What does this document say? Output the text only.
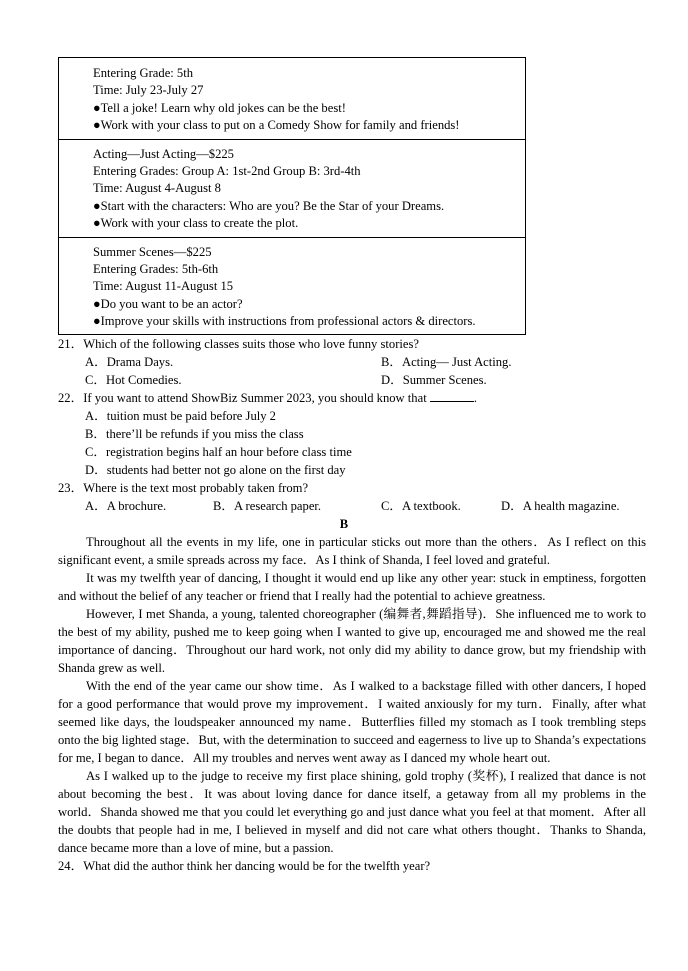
Entering Grade: 5th
Time: July 23-July 27
●Tell a joke! Learn why old jokes can be the best!
●Work with your class to put on a Comedy Show for family and friends!
Acting—Just Acting—$225
Entering Grades: Group A: 1st-2nd Group B: 3rd-4th
Time: August 4-August 8
●Start with the characters: Who are you? Be the Star of your Dreams.
●Work with your class to create the plot.
Summer Scenes—$225
Entering Grades: 5th-6th
Time: August 11-August 15
●Do you want to be an actor?
●Improve your skills with instructions from professional actors & directors.
21．Which of the following classes suits those who love funny stories?
A．Drama Days.	B．Acting— Just Acting.
C．Hot Comedies.	D．Summer Scenes.
22．If you want to attend ShowBiz Summer 2023, you should know that	.
A．tuition must be paid before July 2
B．there’ll be refunds if you miss the class
C．registration begins half an hour before class time
D．students had better not go alone on the first day
23．Where is the text most probably taken from?
A．A brochure.	B．A research paper.	C．A textbook.	D．A health magazine.
B
Throughout all the events in my life, one in particular sticks out more than the others．As I reflect on this significant event, a smile spreads across my face．As I think of Shanda, I feel loved and grateful.
It was my twelfth year of dancing, I thought it would end up like any other year: stuck in emptiness, forgotten and without the belief of any teacher or friend that I really had the potential to achieve greatness.
However, I met Shanda, a young, talented choreographer (编舞者,舞蹈指导)．She influenced me to work to the best of my ability, pushed me to keep going when I wanted to give up, encouraged me and showed me the real importance of dancing．Throughout our hard work, not only did my ability to dance grow, but my friendship with Shanda grew as well.
With the end of the year came our show time．As I walked to a backstage filled with other dancers, I hoped for a good performance that would prove my improvement．I waited anxiously for my turn．Finally, after what seemed like days, the loudspeaker announced my name．Butterflies filled my stomach as I took trembling steps onto the big lighted stage．But, with the determination to succeed and eagerness to live up to Shanda’s expectations for me, I began to dance．All my troubles and nerves went away as I danced my whole heart out.
As I walked up to the judge to receive my first place shining, gold trophy (奖杯), I realized that dance is not about becoming the best．It was about loving dance for dance itself, a getaway from all my problems in the world．Shanda showed me that you could let everything go and just dance what you feel at that moment．After all the doubts that people had in me, I believed in myself and did not care what others thought．Thanks to Shanda, dance became more than a love of mine, but a passion.
24．What did the author think her dancing would be for the twelfth year?
